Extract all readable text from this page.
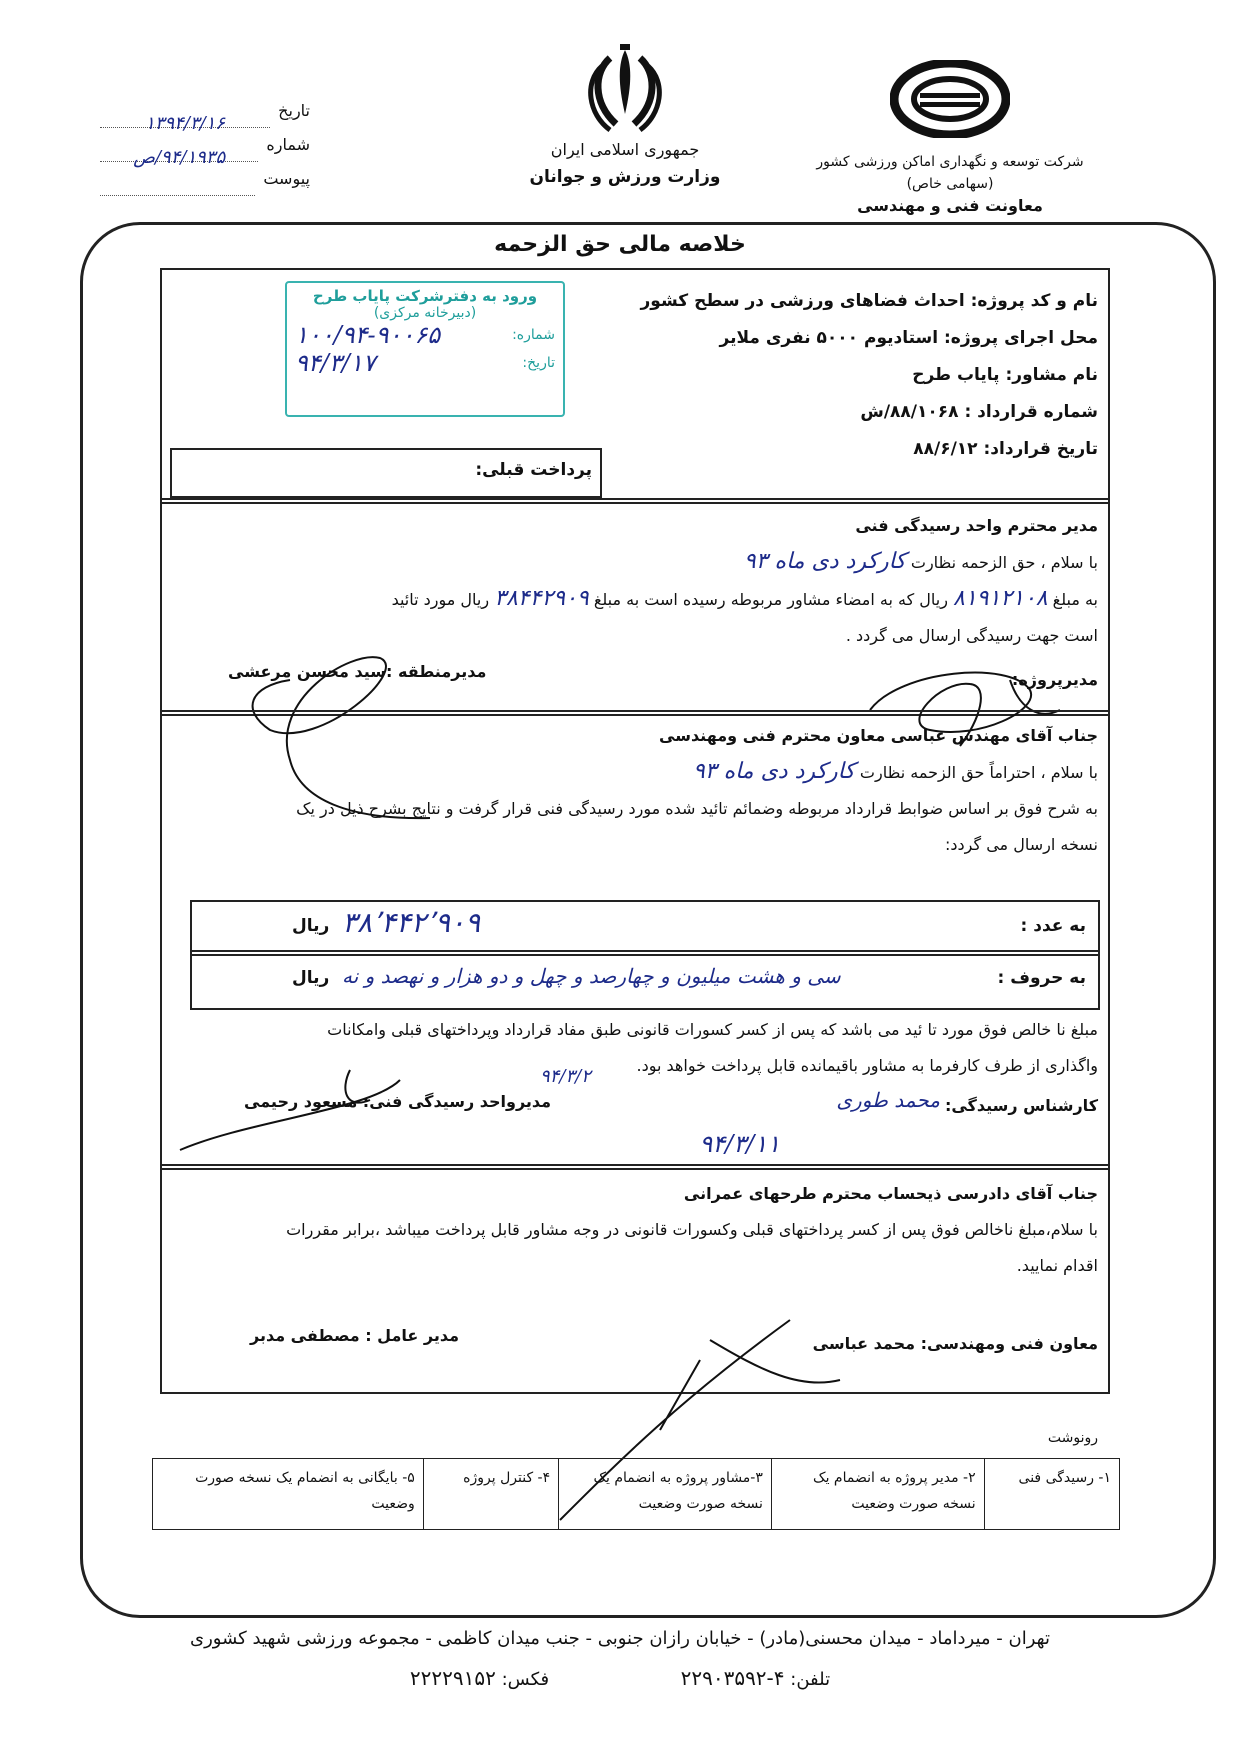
شرکت توسعه و نگهداری اماکن ورزشی کشور
(سهامی خاص)
معاونت فنی و مهندسی
جمهوری اسلامی ایران
وزارت ورزش و جوانان
تاریخ
۱۳۹۴/۳/۱۶
شماره
۹۴/۱۹۳۵/ص
پیوست
خلاصه مالی حق الزحمه
نام و کد پروژه: احداث فضاهای ورزشی در سطح کشور
محل اجرای پروژه: استادیوم ۵۰۰۰ نفری ملایر
نام مشاور: پایاب طرح
شماره قرارداد : ۸۸/۱۰۶۸/ش
تاریخ قرارداد: ۸۸/۶/۱۲
ورود به دفترشرکت پایاب طرح
(دبیرخانه مرکزی)
شماره:
۱۰۰/۹۴-۹۰۰۶۵
تاریخ:
۹۴/۳/۱۷
پرداخت قبلی:
مدیر محترم واحد رسیدگی فنی
با سلام ، حق الزحمه نظارت کارکرد دی ماه ۹۳
به مبلغ ۸۱۹۱۲۱۰۸ ریال که به امضاء مشاور مربوطه رسیده است به مبلغ ۳۸۴۴۲۹۰۹ ریال مورد تائید
است جهت رسیدگی ارسال می گردد .
مدیرپروژه:
مدیرمنطقه :سید محسن مرعشی
جناب آقای مهندس عباسی معاون محترم فنی ومهندسی
با سلام ، احتراماً حق الزحمه نظارت کارکرد دی ماه ۹۳
به شرح فوق بر اساس ضوابط قرارداد مربوطه وضمائم تائید شده مورد رسیدگی فنی قرار گرفت و نتایج بشرح ذیل در یک
نسخه ارسال می گردد:
به عدد :
۳۸٬۴۴۲٬۹۰۹
ریال
به حروف :
سی و هشت میلیون و چهارصد و چهل و دو هزار و نهصد و نه
ریال
مبلغ نا خالص فوق مورد تا ئید می باشد که پس از کسر کسورات قانونی طبق مفاد قرارداد وپرداختهای قبلی وامکانات
واگذاری از طرف کارفرما به مشاور باقیمانده قابل پرداخت خواهد بود.
کارشناس رسیدگی:
محمد طوری
۹۴/۳/۱۱
مدیرواحد رسیدگی فنی: مسعود رحیمی
۹۴/۳/۲
جناب آقای دادرسی ذیحساب محترم طرحهای عمرانی
با سلام،مبلغ ناخالص فوق پس از کسر پرداختهای قبلی وکسورات قانونی در وجه مشاور قابل پرداخت میباشد ،برابر مقررات
اقدام نمایید.
معاون فنی ومهندسی: محمد عباسی
مدیر عامل : مصطفی مدبر
رونوشت
۱- رسیدگی فنی	۲- مدیر پروژه به انضمام یک نسخه صورت وضعیت	۳-مشاور پروژه به انضمام یک نسخه صورت وضعیت	۴- کنترل پروژه	۵- بایگانی به انضمام یک نسخه صورت وضعیت
تهران - میرداماد - میدان محسنی(مادر) - خیابان رازان جنوبی - جنب میدان کاظمی - مجموعه ورزشی شهید کشوری
تلفن: ۴-۲۲۹۰۳۵۹۲  فکس: ۲۲۲۲۹۱۵۲
